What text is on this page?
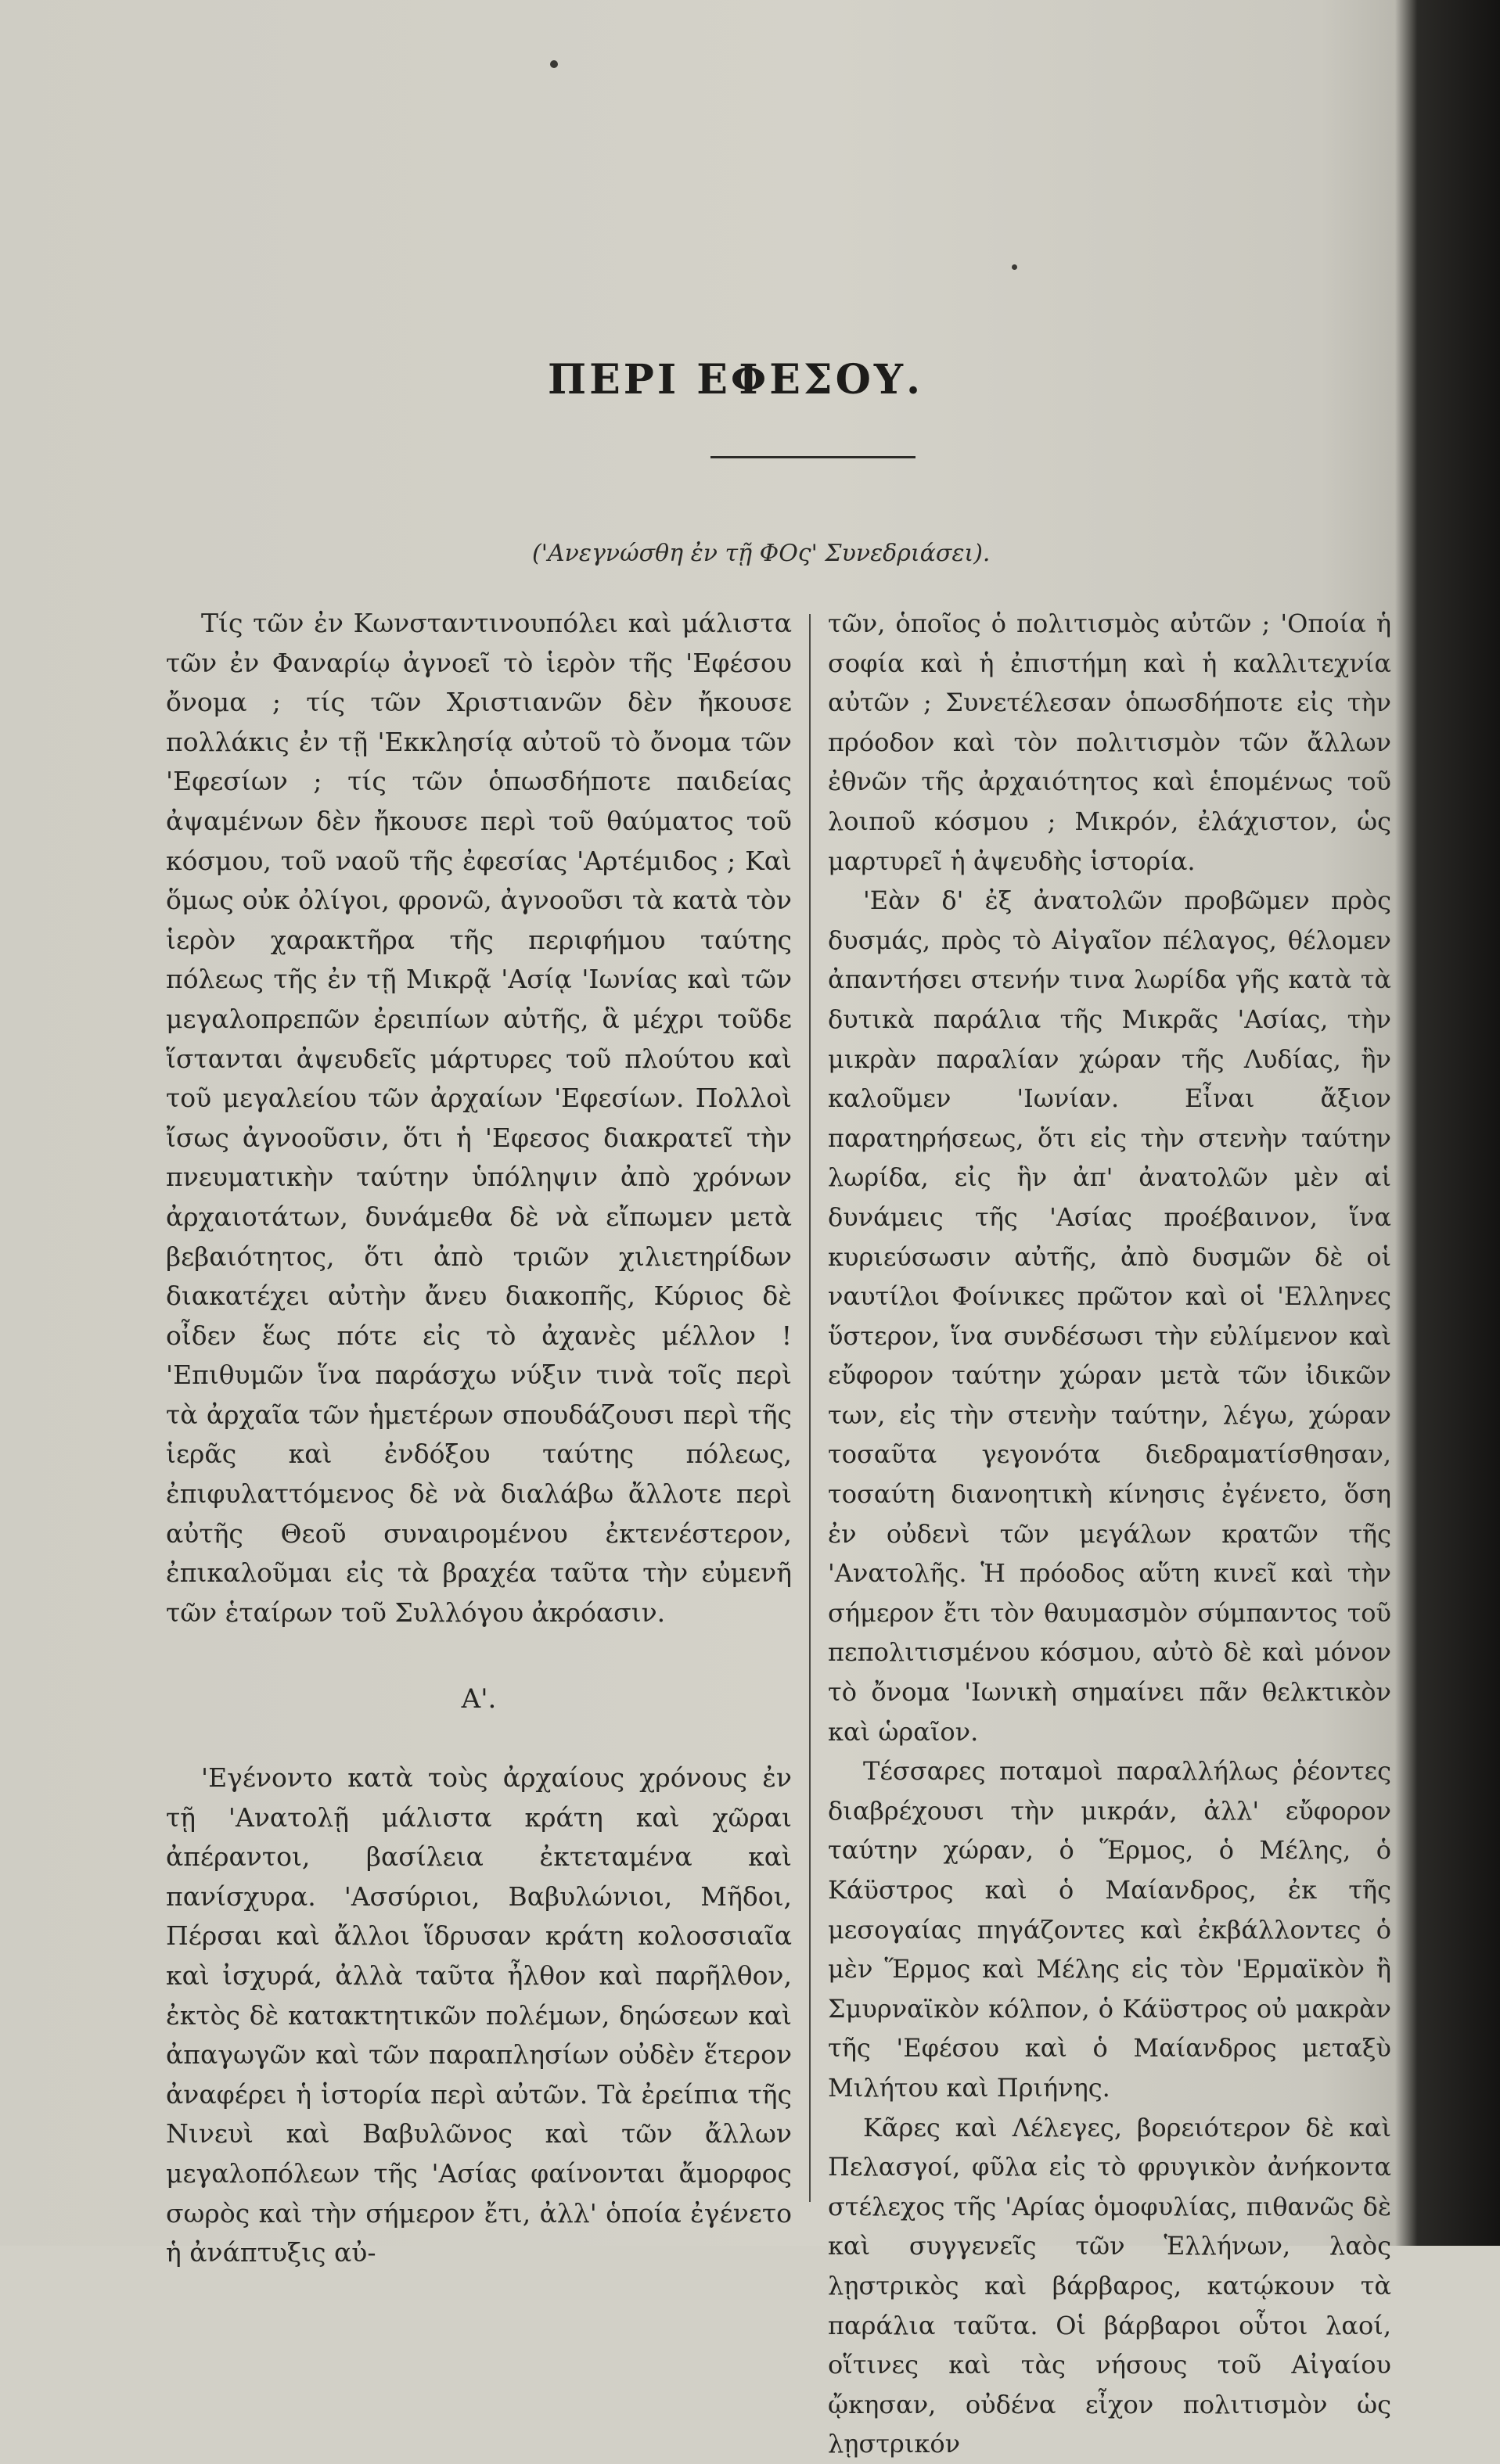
ΠΕΡΙ ΕΦΕΣΟΥ.
('Ανεγνώσθη ἐν τῇ ΦΟς' Συνεδριάσει).

Τίς τῶν ἐν Κωνσταντινουπόλει καὶ μάλιστα τῶν ἐν Φαναρίῳ ἀγνοεῖ τὸ ἱερὸν τῆς 'Εφέσου ὄνομα ; τίς τῶν Χριστιανῶν δὲν ἤκουσε πολλάκις ἐν τῇ 'Εκκλησίᾳ αὐτοῦ τὸ ὄνομα τῶν 'Εφεσίων ; τίς τῶν ὁπωσδήποτε παιδείας ἀψαμένων δὲν ἤκουσε περὶ τοῦ θαύματος τοῦ κόσμου, τοῦ ναοῦ τῆς ἐφεσίας 'Αρτέμιδος ; Καὶ ὅμως οὐκ ὀλίγοι, φρονῶ, ἀγνοοῦσι τὰ κατὰ τὸν ἱερὸν χαρακτῆρα τῆς περιφήμου ταύτης πόλεως τῆς ἐν τῇ Μικρᾷ 'Ασίᾳ 'Ιωνίας καὶ τῶν μεγαλοπρεπῶν ἐρειπίων αὐτῆς, ἃ μέχρι τοῦδε ἵστανται ἀψευδεῖς μάρτυρες τοῦ πλούτου καὶ τοῦ μεγαλείου τῶν ἀρχαίων 'Εφεσίων. Πολλοὶ ἴσως ἀγνοοῦσιν, ὅτι ἡ 'Εφεσος διακρατεῖ τὴν πνευματικὴν ταύτην ὑπόληψιν ἀπὸ χρόνων ἀρχαιοτάτων, δυνάμεθα δὲ νὰ εἴπωμεν μετὰ βεβαιότητος, ὅτι ἀπὸ τριῶν χιλιετηρίδων διακατέχει αὐτὴν ἄνευ διακοπῆς, Κύριος δὲ οἶδεν ἕως πότε εἰς τὸ ἀχανὲς μέλλον ! 'Επιθυμῶν ἵνα παράσχω νύξιν τινὰ τοῖς περὶ τὰ ἀρχαῖα τῶν ἡμετέρων σπουδάζουσι περὶ τῆς ἱερᾶς καὶ ἐνδόξου ταύτης πόλεως, ἐπιφυλαττόμενος δὲ νὰ διαλάβω ἄλλοτε περὶ αὐτῆς Θεοῦ συναιρομένου ἐκτενέστερον, ἐπικαλοῦμαι εἰς τὰ βραχέα ταῦτα τὴν εὐμενῆ τῶν ἑταίρων τοῦ Συλλόγου ἀκρόασιν.

Α'.

'Εγένοντο κατὰ τοὺς ἀρχαίους χρόνους ἐν τῇ 'Ανατολῇ μάλιστα κράτη καὶ χῶραι ἀπέραντοι, βασίλεια ἐκτεταμένα καὶ πανίσχυρα. 'Ασσύριοι, Βαβυλώνιοι, Μῆδοι, Πέρσαι καὶ ἄλλοι ἵδρυσαν κράτη κολοσσιαῖα καὶ ἰσχυρά, ἀλλὰ ταῦτα ἦλθον καὶ παρῆλθον, ἐκτὸς δὲ κατακτητικῶν πολέμων, δηώσεων καὶ ἀπαγωγῶν καὶ τῶν παραπλησίων οὐδὲν ἕτερον ἀναφέρει ἡ ἱστορία περὶ αὐτῶν. Τὰ ἐρείπια τῆς Νινευὶ καὶ Βαβυλῶνος καὶ τῶν ἄλλων μεγαλοπόλεων τῆς 'Ασίας φαίνονται ἄμορφος σωρὸς καὶ τὴν σήμερον ἔτι, ἀλλ' ὁποία ἐγένετο ἡ ἀνάπτυξις αὐ-

τῶν, ὁποῖος ὁ πολιτισμὸς αὐτῶν ; 'Οποία ἡ σοφία καὶ ἡ ἐπιστήμη καὶ ἡ καλλιτεχνία αὐτῶν ; Συνετέλεσαν ὁπωσδήποτε εἰς τὴν πρόοδον καὶ τὸν πολιτισμὸν τῶν ἄλλων ἐθνῶν τῆς ἀρχαιότητος καὶ ἑπομένως τοῦ λοιποῦ κόσμου ; Μικρόν, ἐλάχιστον, ὡς μαρτυρεῖ ἡ ἀψευδὴς ἱστορία.

'Εὰν δ' ἐξ ἀνατολῶν προβῶμεν πρὸς δυσμάς, πρὸς τὸ Αἰγαῖον πέλαγος, θέλομεν ἀπαντήσει στενήν τινα λωρίδα γῆς κατὰ τὰ δυτικὰ παράλια τῆς Μικρᾶς 'Ασίας, τὴν μικρὰν παραλίαν χώραν τῆς Λυδίας, ἣν καλοῦμεν 'Ιωνίαν. Εἶναι ἄξιον παρατηρήσεως, ὅτι εἰς τὴν στενὴν ταύτην λωρίδα, εἰς ἣν ἀπ' ἀνατολῶν μὲν αἱ δυνάμεις τῆς 'Ασίας προέβαινον, ἵνα κυριεύσωσιν αὐτῆς, ἀπὸ δυσμῶν δὲ οἱ ναυτίλοι Φοίνικες πρῶτον καὶ οἱ 'Ελληνες ὕστερον, ἵνα συνδέσωσι τὴν εὐλίμενον καὶ εὔφορον ταύτην χώραν μετὰ τῶν ἰδικῶν των, εἰς τὴν στενὴν ταύτην, λέγω, χώραν τοσαῦτα γεγονότα διεδραματίσθησαν, τοσαύτη διανοητικὴ κίνησις ἐγένετο, ὅση ἐν οὐδενὶ τῶν μεγάλων κρατῶν τῆς 'Ανατολῆς. Ἡ πρόοδος αὕτη κινεῖ καὶ τὴν σήμερον ἔτι τὸν θαυμασμὸν σύμπαντος τοῦ πεπολιτισμένου κόσμου, αὐτὸ δὲ καὶ μόνον τὸ ὄνομα 'Ιωνικὴ σημαίνει πᾶν θελκτικὸν καὶ ὡραῖον.

Τέσσαρες ποταμοὶ παραλλήλως ῥέοντες διαβρέχουσι τὴν μικράν, ἀλλ' εὔφορον ταύτην χώραν, ὁ Ἕρμος, ὁ Μέλης, ὁ Κάϋστρος καὶ ὁ Μαίανδρος, ἐκ τῆς μεσογαίας πηγάζοντες καὶ ἐκβάλλοντες ὁ μὲν Ἕρμος καὶ Μέλης εἰς τὸν 'Ερμαϊκὸν ἢ Σμυρναϊκὸν κόλπον, ὁ Κάϋστρος οὐ μακρὰν τῆς 'Εφέσου καὶ ὁ Μαίανδρος μεταξὺ Μιλήτου καὶ Πριήνης.

Κᾶρες καὶ Λέλεγες, βορειότερον δὲ καὶ Πελασγοί, φῦλα εἰς τὸ φρυγικὸν ἀνήκοντα στέλεχος τῆς 'Αρίας ὁμοφυλίας, πιθανῶς δὲ καὶ συγγενεῖς τῶν Ἑλλήνων, λαὸς λῃστρικὸς καὶ βάρβαρος, κατῴκουν τὰ παράλια ταῦτα. Οἱ βάρβαροι οὗτοι λαοί, οἵτινες καὶ τὰς νήσους τοῦ Αἰγαίου ᾤκησαν, οὐδένα εἶχον πολιτισμὸν ὡς λῃστρικόν
